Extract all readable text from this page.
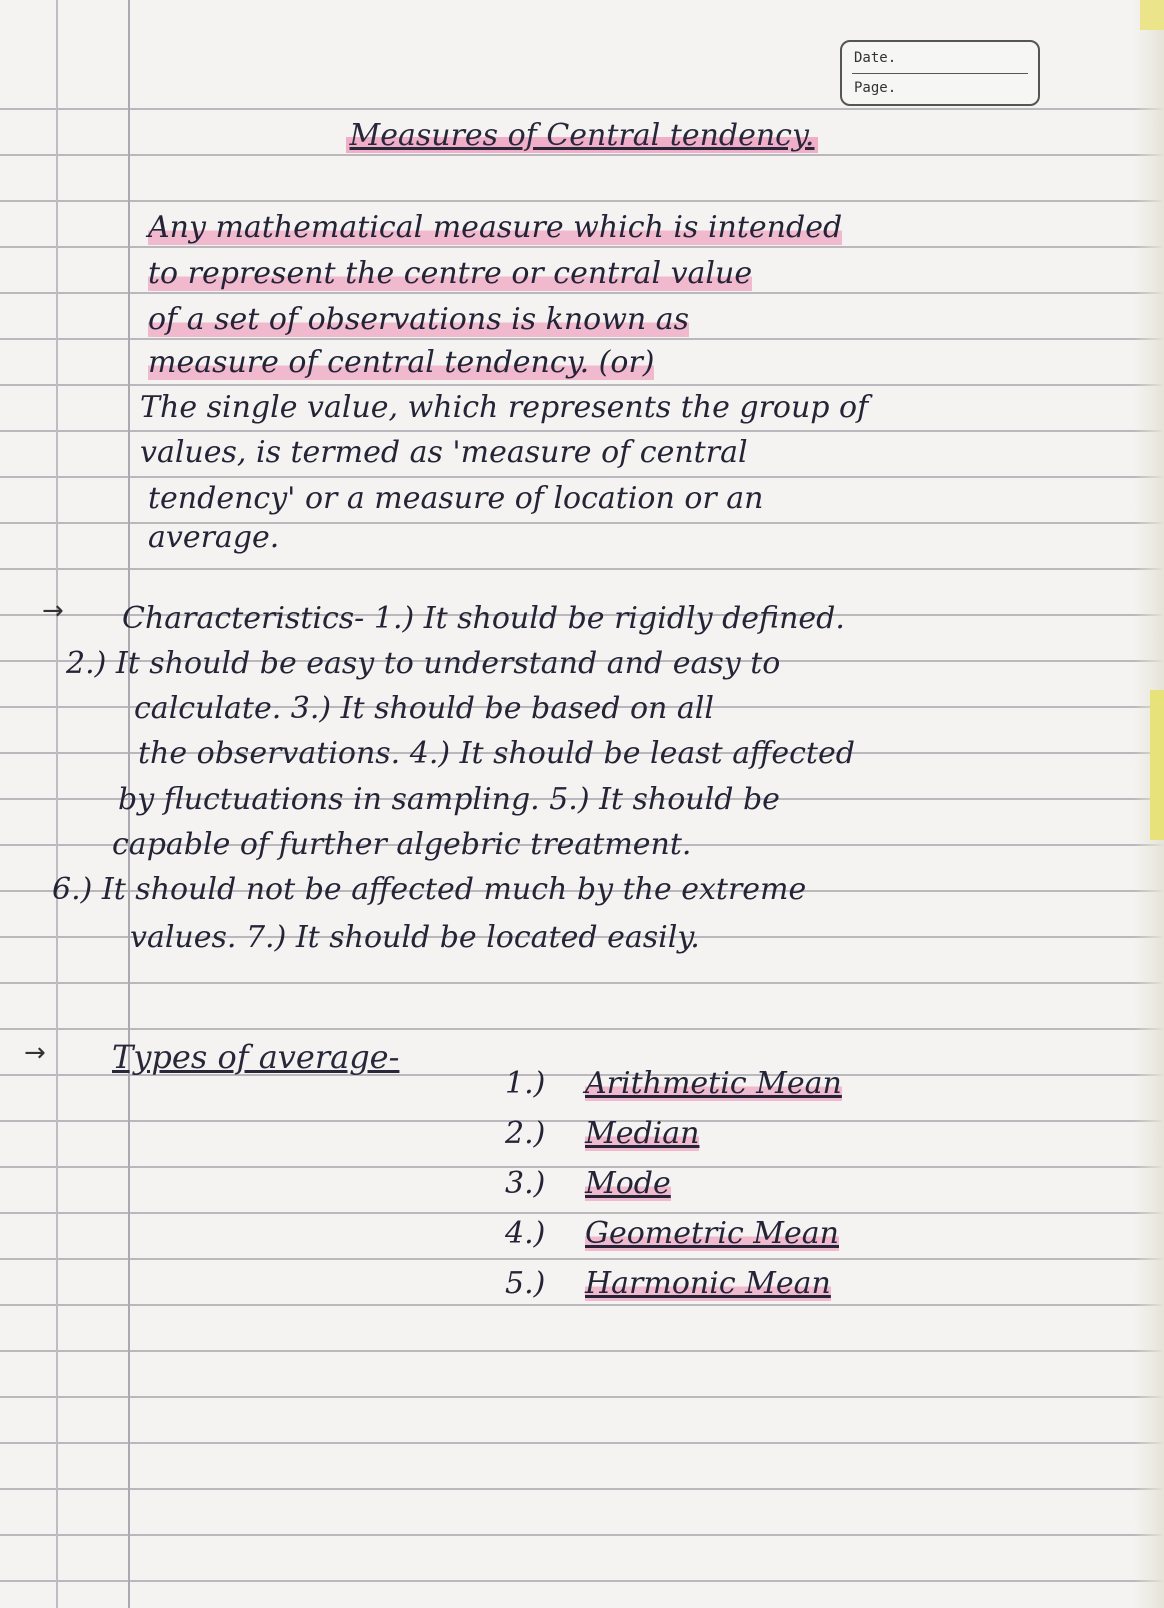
Date.
Page.
Measures of Central tendency.
Any mathematical measure which is intended
to represent the centre or central value
of a set of observations is known as
measure of central tendency. (or)
The single value, which represents the group of
values, is termed as 'measure of central
tendency' or a measure of location or an
average.
→ Characteristics- 1.) It should be rigidly defined.
2.) It should be easy to understand and easy to
calculate. 3.) It should be based on all
the observations. 4.) It should be least affected
by fluctuations in sampling. 5.) It should be
capable of further algebric treatment.
6.) It should not be affected much by the extreme
values. 7.) It should be located easily.
→ Types of average-
1.) Arithmetic Mean
2.) Median
3.) Mode
4.) Geometric Mean
5.) Harmonic Mean
